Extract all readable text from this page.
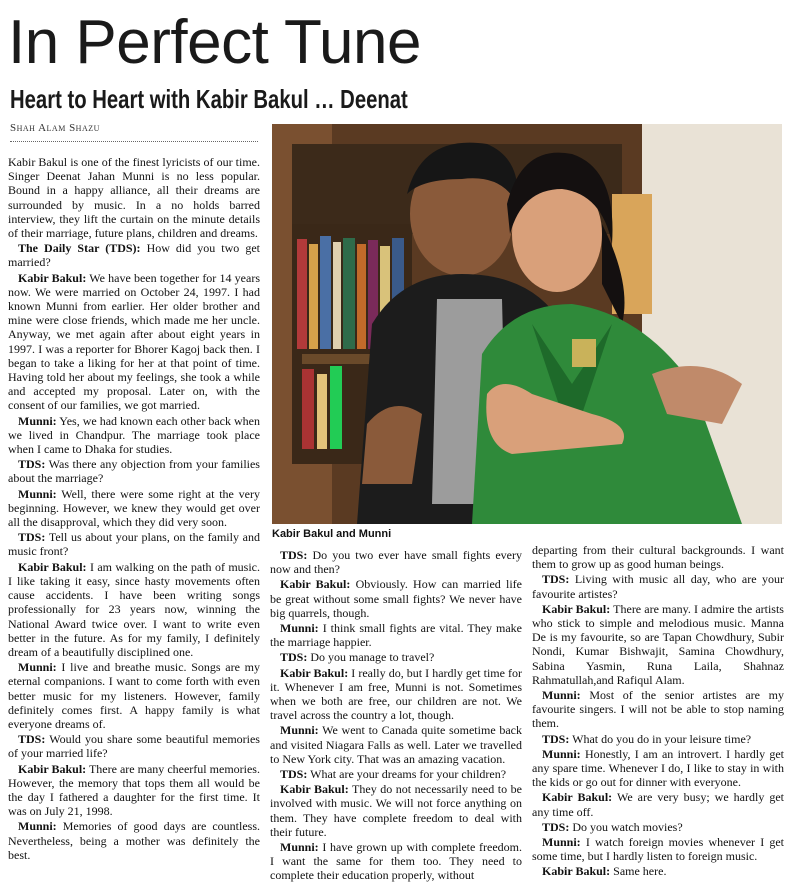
In Perfect Tune
Heart to Heart with Kabir Bakul … Deenat
Shah Alam Shazu

Kabir Bakul is one of the finest lyricists of our time. Singer Deenat Jahan Munni is no less popular. Bound in a happy alliance, all their dreams are surrounded by music. In a no holds barred interview, they lift the curtain on the minute details of their marriage, future plans, children and dreams.

The Daily Star (TDS): How did you two get married?

Kabir Bakul: We have been together for 14 years now. We were married on October 24, 1997. I had known Munni from earlier. Her older brother and mine were close friends, which made me her uncle. Anyway, we met again after about eight years in 1997. I was a reporter for Bhorer Kagoj back then. I began to take a liking for her at that point of time. Having told her about my feelings, she took a while and accepted my proposal. Later on, with the consent of our families, we got married.

Munni: Yes, we had known each other back when we lived in Chandpur. The marriage took place when I came to Dhaka for studies.

TDS: Was there any objection from your families about the marriage?

Munni: Well, there were some right at the very beginning. However, we knew they would get over all the disapproval, which they did very soon.

TDS: Tell us about your plans, on the family and music front?

Kabir Bakul: I am walking on the path of music. I like taking it easy, since hasty movements often cause accidents. I have been writing songs professionally for 23 years now, winning the National Award twice over. I want to write even better in the future. As for my family, I definitely dream of a beautifully disciplined one.

Munni: I live and breathe music. Songs are my eternal companions. I want to come forth with even better music for my listeners. However, family definitely comes first. A happy family is what everyone dreams of.

TDS: Would you share some beautiful memories of your married life?

Kabir Bakul: There are many cheerful memories. However, the memory that tops them all would be the day I fathered a daughter for the first time. It was on July 21, 1998.

Munni: Memories of good days are countless. Nevertheless, being a mother was definitely the best.

Kabir Bakul and Munni

TDS: Do you two ever have small fights every now and then?

Kabir Bakul: Obviously. How can married life be great without some small fights? We never have big quarrels, though.

Munni: I think small fights are vital. They make the marriage happier.

TDS: Do you manage to travel?

Kabir Bakul: I really do, but I hardly get time for it. Whenever I am free, Munni is not. Sometimes when we both are free, our children are not. We travel across the country a lot, though.

Munni: We went to Canada quite sometime back and visited Niagara Falls as well. Later we travelled to New York city. That was an amazing vacation.

TDS: What are your dreams for your children?

Kabir Bakul: They do not necessarily need to be involved with music. We will not force anything on them. They have complete freedom to deal with their future.

Munni: I have grown up with complete freedom. I want the same for them too. They need to complete their education properly, without

departing from their cultural backgrounds. I want them to grow up as good human beings.

TDS: Living with music all day, who are your favourite artistes?

Kabir Bakul: There are many. I admire the artists who stick to simple and melodious music. Manna De is my favourite, so are Tapan Chowdhury, Subir Nondi, Kumar Bishwajit, Samina Chowdhury, Sabina Yasmin, Runa Laila, Shahnaz Rahmatullah,and Rafiqul Alam.

Munni: Most of the senior artistes are my favourite singers. I will not be able to stop naming them.

TDS: What do you do in your leisure time?

Munni: Honestly, I am an introvert. I hardly get any spare time. Whenever I do, I like to stay in with the kids or go out for dinner with everyone.

Kabir Bakul: We are very busy; we hardly get any time off.

TDS: Do you watch movies?

Munni: I watch foreign movies whenever I get some time, but I hardly listen to foreign music.

Kabir Bakul: Same here.
